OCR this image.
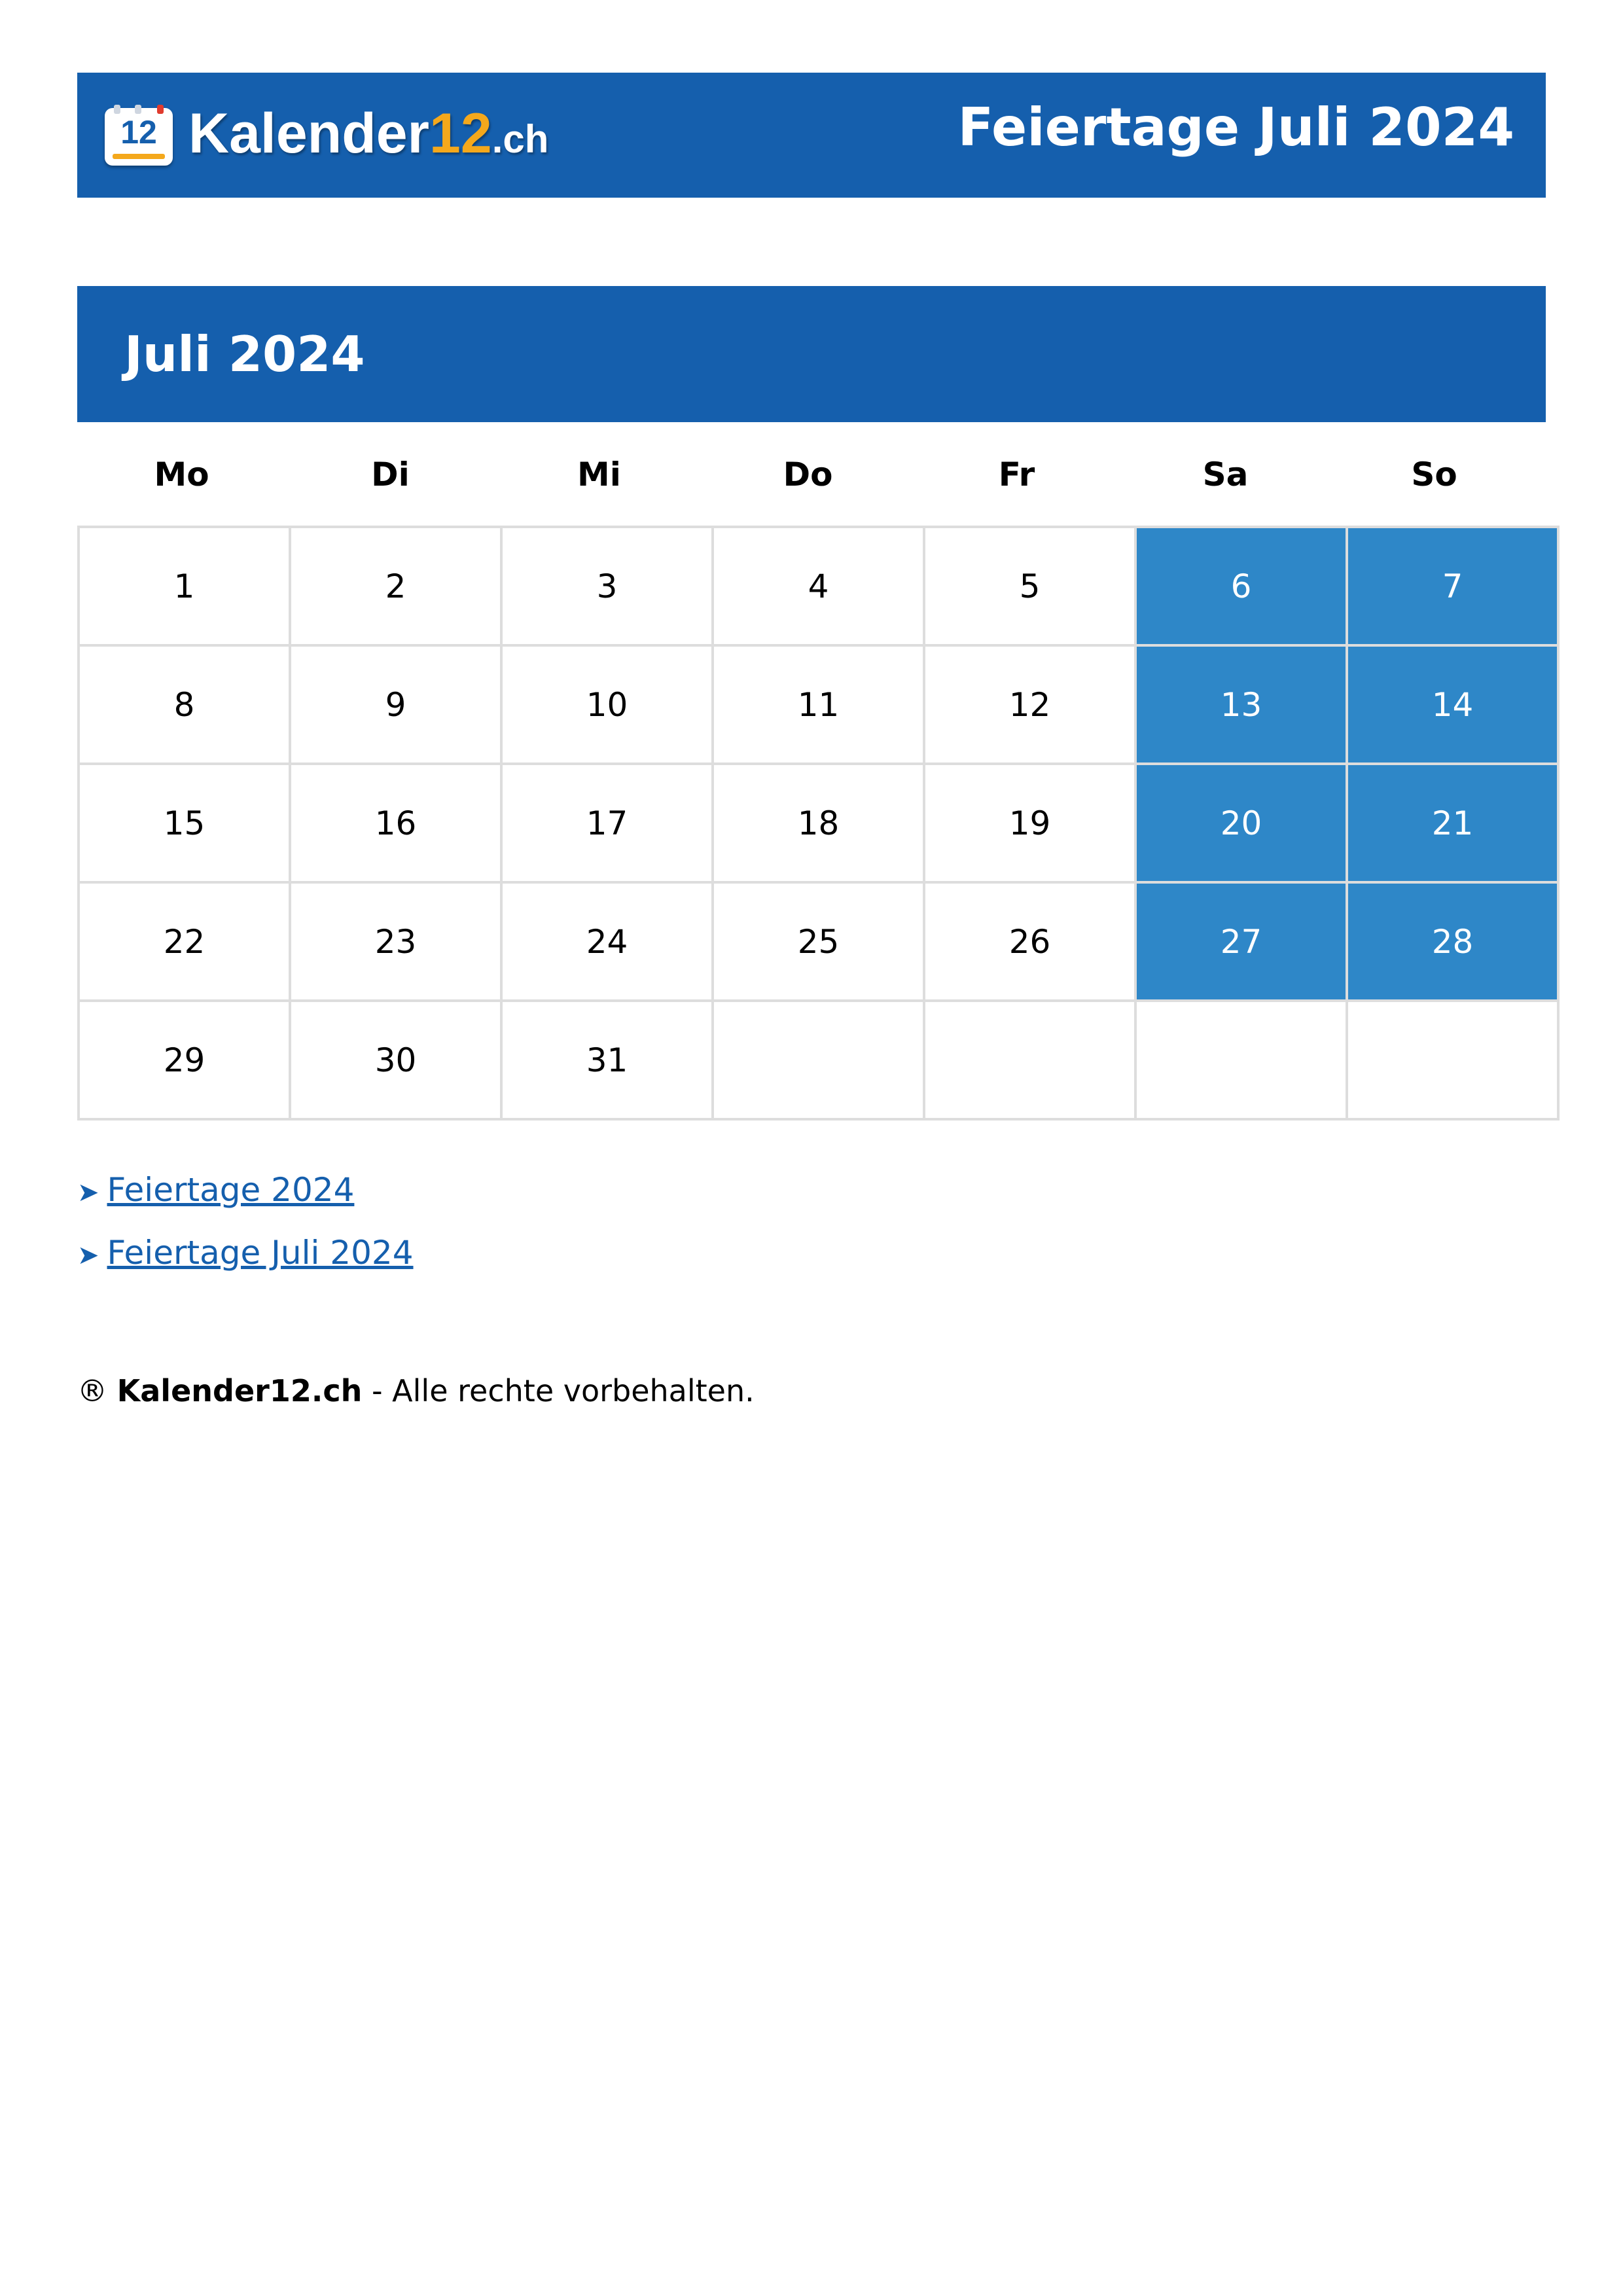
12 Kalender12.ch	Feiertage Juli 2024
Juli 2024
Mo	Di	Mi	Do	Fr	Sa	So
1	2	3	4	5	6	7
8	9	10	11	12	13	14
15	16	17	18	19	20	21
22	23	24	25	26	27	28
29	30	31				
➤ Feiertage 2024
➤ Feiertage Juli 2024
® Kalender12.ch - Alle rechte vorbehalten.
